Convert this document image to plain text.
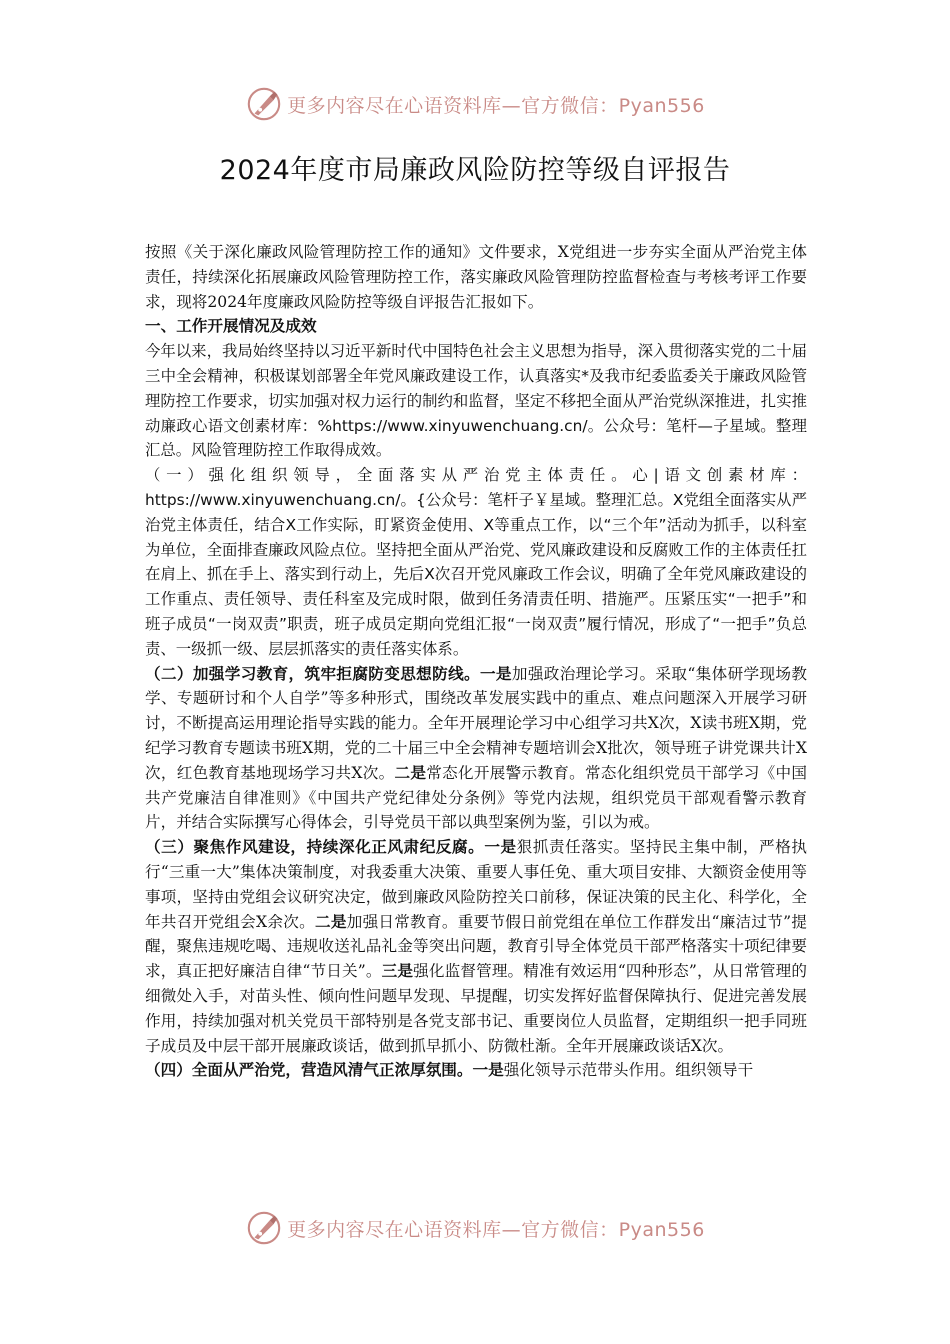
更多内容尽在心语资料库—官方微信：Pyan556
2024年度市局廉政风险防控等级自评报告

按照《关于深化廉政风险管理防控工作的通知》文件要求，X党组进一步夯实全面从严治党主体责任，持续深化拓展廉政风险管理防控工作，落实廉政风险管理防控监督检查与考核考评工作要求，现将2024年度廉政风险防控等级自评报告汇报如下。

一、工作开展情况及成效

今年以来，我局始终坚持以习近平新时代中国特色社会主义思想为指导，深入贯彻落实党的二十届三中全会精神，积极谋划部署全年党风廉政建设工作，认真落实*及我市纪委监委关于廉政风险管理防控工作要求，切实加强对权力运行的制约和监督，坚定不移把全面从严治党纵深推进，扎实推动廉政心语文创素材库：%https://www.xinyuwenchuang.cn/。公众号：笔杆—子星域。整理汇总。风险管理防控工作取得成效。

（一）强化组织领导，全面落实从严治党主体责任。心|语文创素材库：https://www.xinyuwenchuang.cn/。{公众号：笔杆子￥星域。整理汇总。X党组全面落实从严治党主体责任，结合X工作实际，盯紧资金使用、X等重点工作，以“三个年”活动为抓手，以科室为单位，全面排查廉政风险点位。坚持把全面从严治党、党风廉政建设和反腐败工作的主体责任扛在肩上、抓在手上、落实到行动上，先后X次召开党风廉政工作会议，明确了全年党风廉政建设的工作重点、责任领导、责任科室及完成时限，做到任务清责任明、措施严。压紧压实“一把手”和班子成员“一岗双责”职责，班子成员定期向党组汇报“一岗双责”履行情况，形成了“一把手”负总责、一级抓一级、层层抓落实的责任落实体系。

（二）加强学习教育，筑牢拒腐防变思想防线。一是加强政治理论学习。采取“集体研学现场教学、专题研讨和个人自学”等多种形式，围绕改革发展实践中的重点、难点问题深入开展学习研讨，不断提高运用理论指导实践的能力。全年开展理论学习中心组学习共X次，X读书班X期，党纪学习教育专题读书班X期，党的二十届三中全会精神专题培训会X批次，领导班子讲党课共计X次，红色教育基地现场学习共X次。二是常态化开展警示教育。常态化组织党员干部学习《中国共产党廉洁自律准则》《中国共产党纪律处分条例》等党内法规，组织党员干部观看警示教育片，并结合实际撰写心得体会，引导党员干部以典型案例为鉴，引以为戒。

（三）聚焦作风建设，持续深化正风肃纪反腐。一是狠抓责任落实。坚持民主集中制，严格执行“三重一大”集体决策制度，对我委重大决策、重要人事任免、重大项目安排、大额资金使用等事项，坚持由党组会议研究决定，做到廉政风险防控关口前移，保证决策的民主化、科学化，全年共召开党组会X余次。二是加强日常教育。重要节假日前党组在单位工作群发出“廉洁过节”提醒，聚焦违规吃喝、违规收送礼品礼金等突出问题，教育引导全体党员干部严格落实十项纪律要求，真正把好廉洁自律“节日关”。三是强化监督管理。精准有效运用“四种形态”，从日常管理的细微处入手，对苗头性、倾向性问题早发现、早提醒，切实发挥好监督保障执行、促进完善发展作用，持续加强对机关党员干部特别是各党支部书记、重要岗位人员监督，定期组织一把手同班子成员及中层干部开展廉政谈话，做到抓早抓小、防微杜渐。全年开展廉政谈话X次。

（四）全面从严治党，营造风清气正浓厚氛围。一是强化领导示范带头作用。组织领导干

更多内容尽在心语资料库—官方微信：Pyan556
